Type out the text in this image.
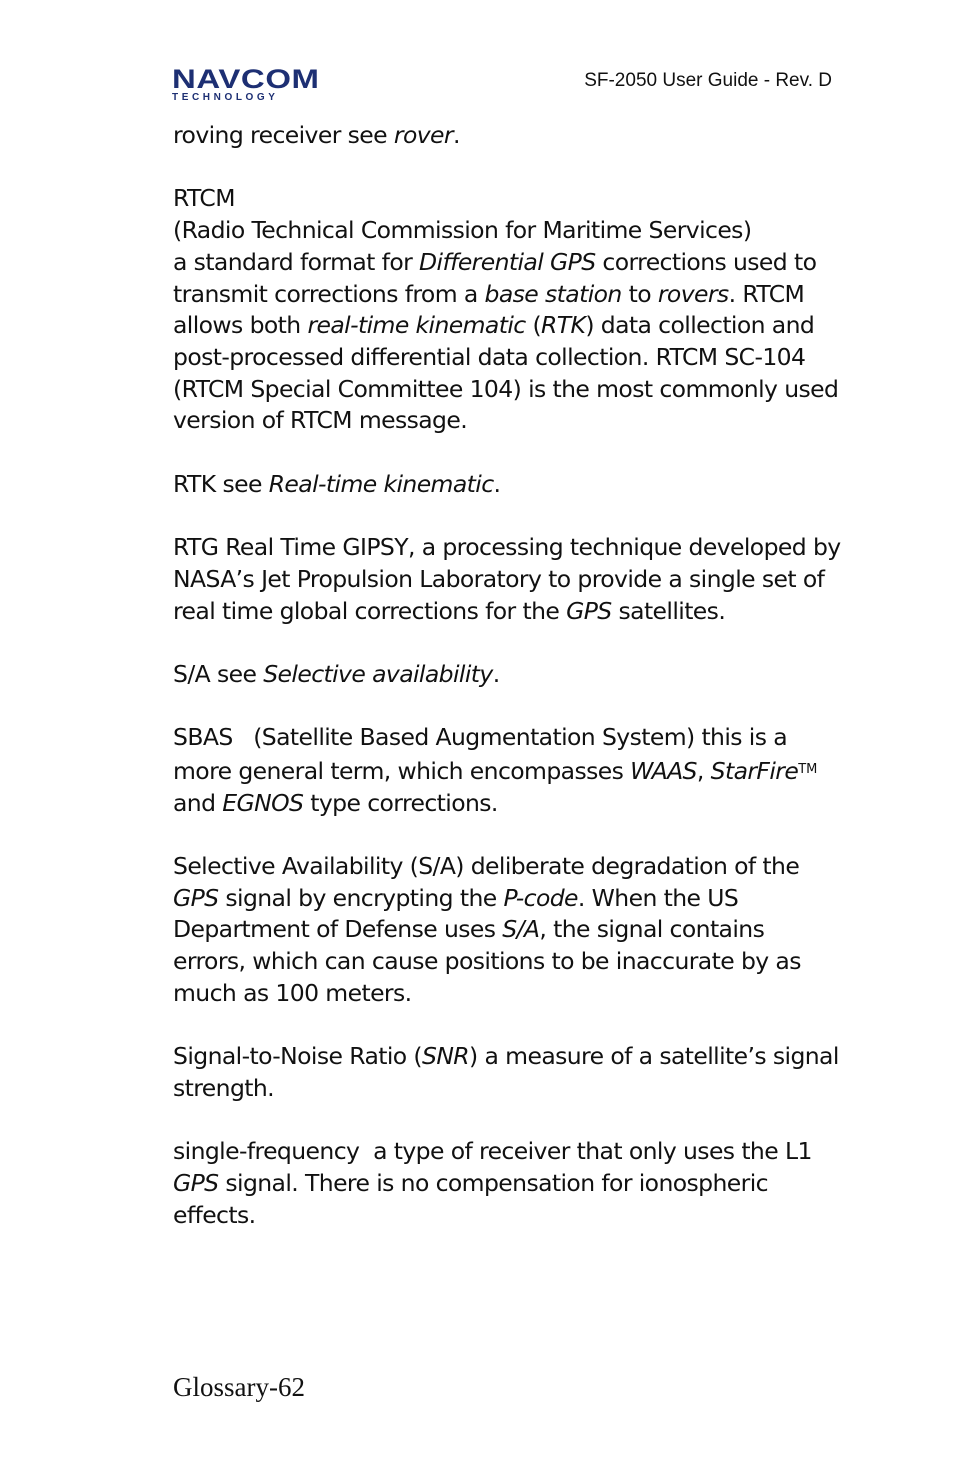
NAVCOM
TECHNOLOGY
SF-2050 User Guide - Rev. D

roving receiver see rover.

RTCM
(Radio Technical Commission for Maritime Services)
a standard format for Differential GPS corrections used to transmit corrections from a base station to rovers. RTCM allows both real-time kinematic (RTK) data collection and post-processed differential data collection. RTCM SC-104 (RTCM Special Committee 104) is the most commonly used version of RTCM message.

RTK see Real-time kinematic.

RTG Real Time GIPSY, a processing technique developed by NASA’s Jet Propulsion Laboratory to provide a single set of real time global corrections for the GPS satellites.

S/A see Selective availability.

SBAS   (Satellite Based Augmentation System) this is a more general term, which encompasses WAAS, StarFire™ and EGNOS type corrections.

Selective Availability (S/A) deliberate degradation of the GPS signal by encrypting the P-code. When the US Department of Defense uses S/A, the signal contains errors, which can cause positions to be inaccurate by as much as 100 meters.

Signal-to-Noise Ratio (SNR) a measure of a satellite’s signal strength.

single-frequency  a type of receiver that only uses the L1 GPS signal. There is no compensation for ionospheric effects.

Glossary-62
